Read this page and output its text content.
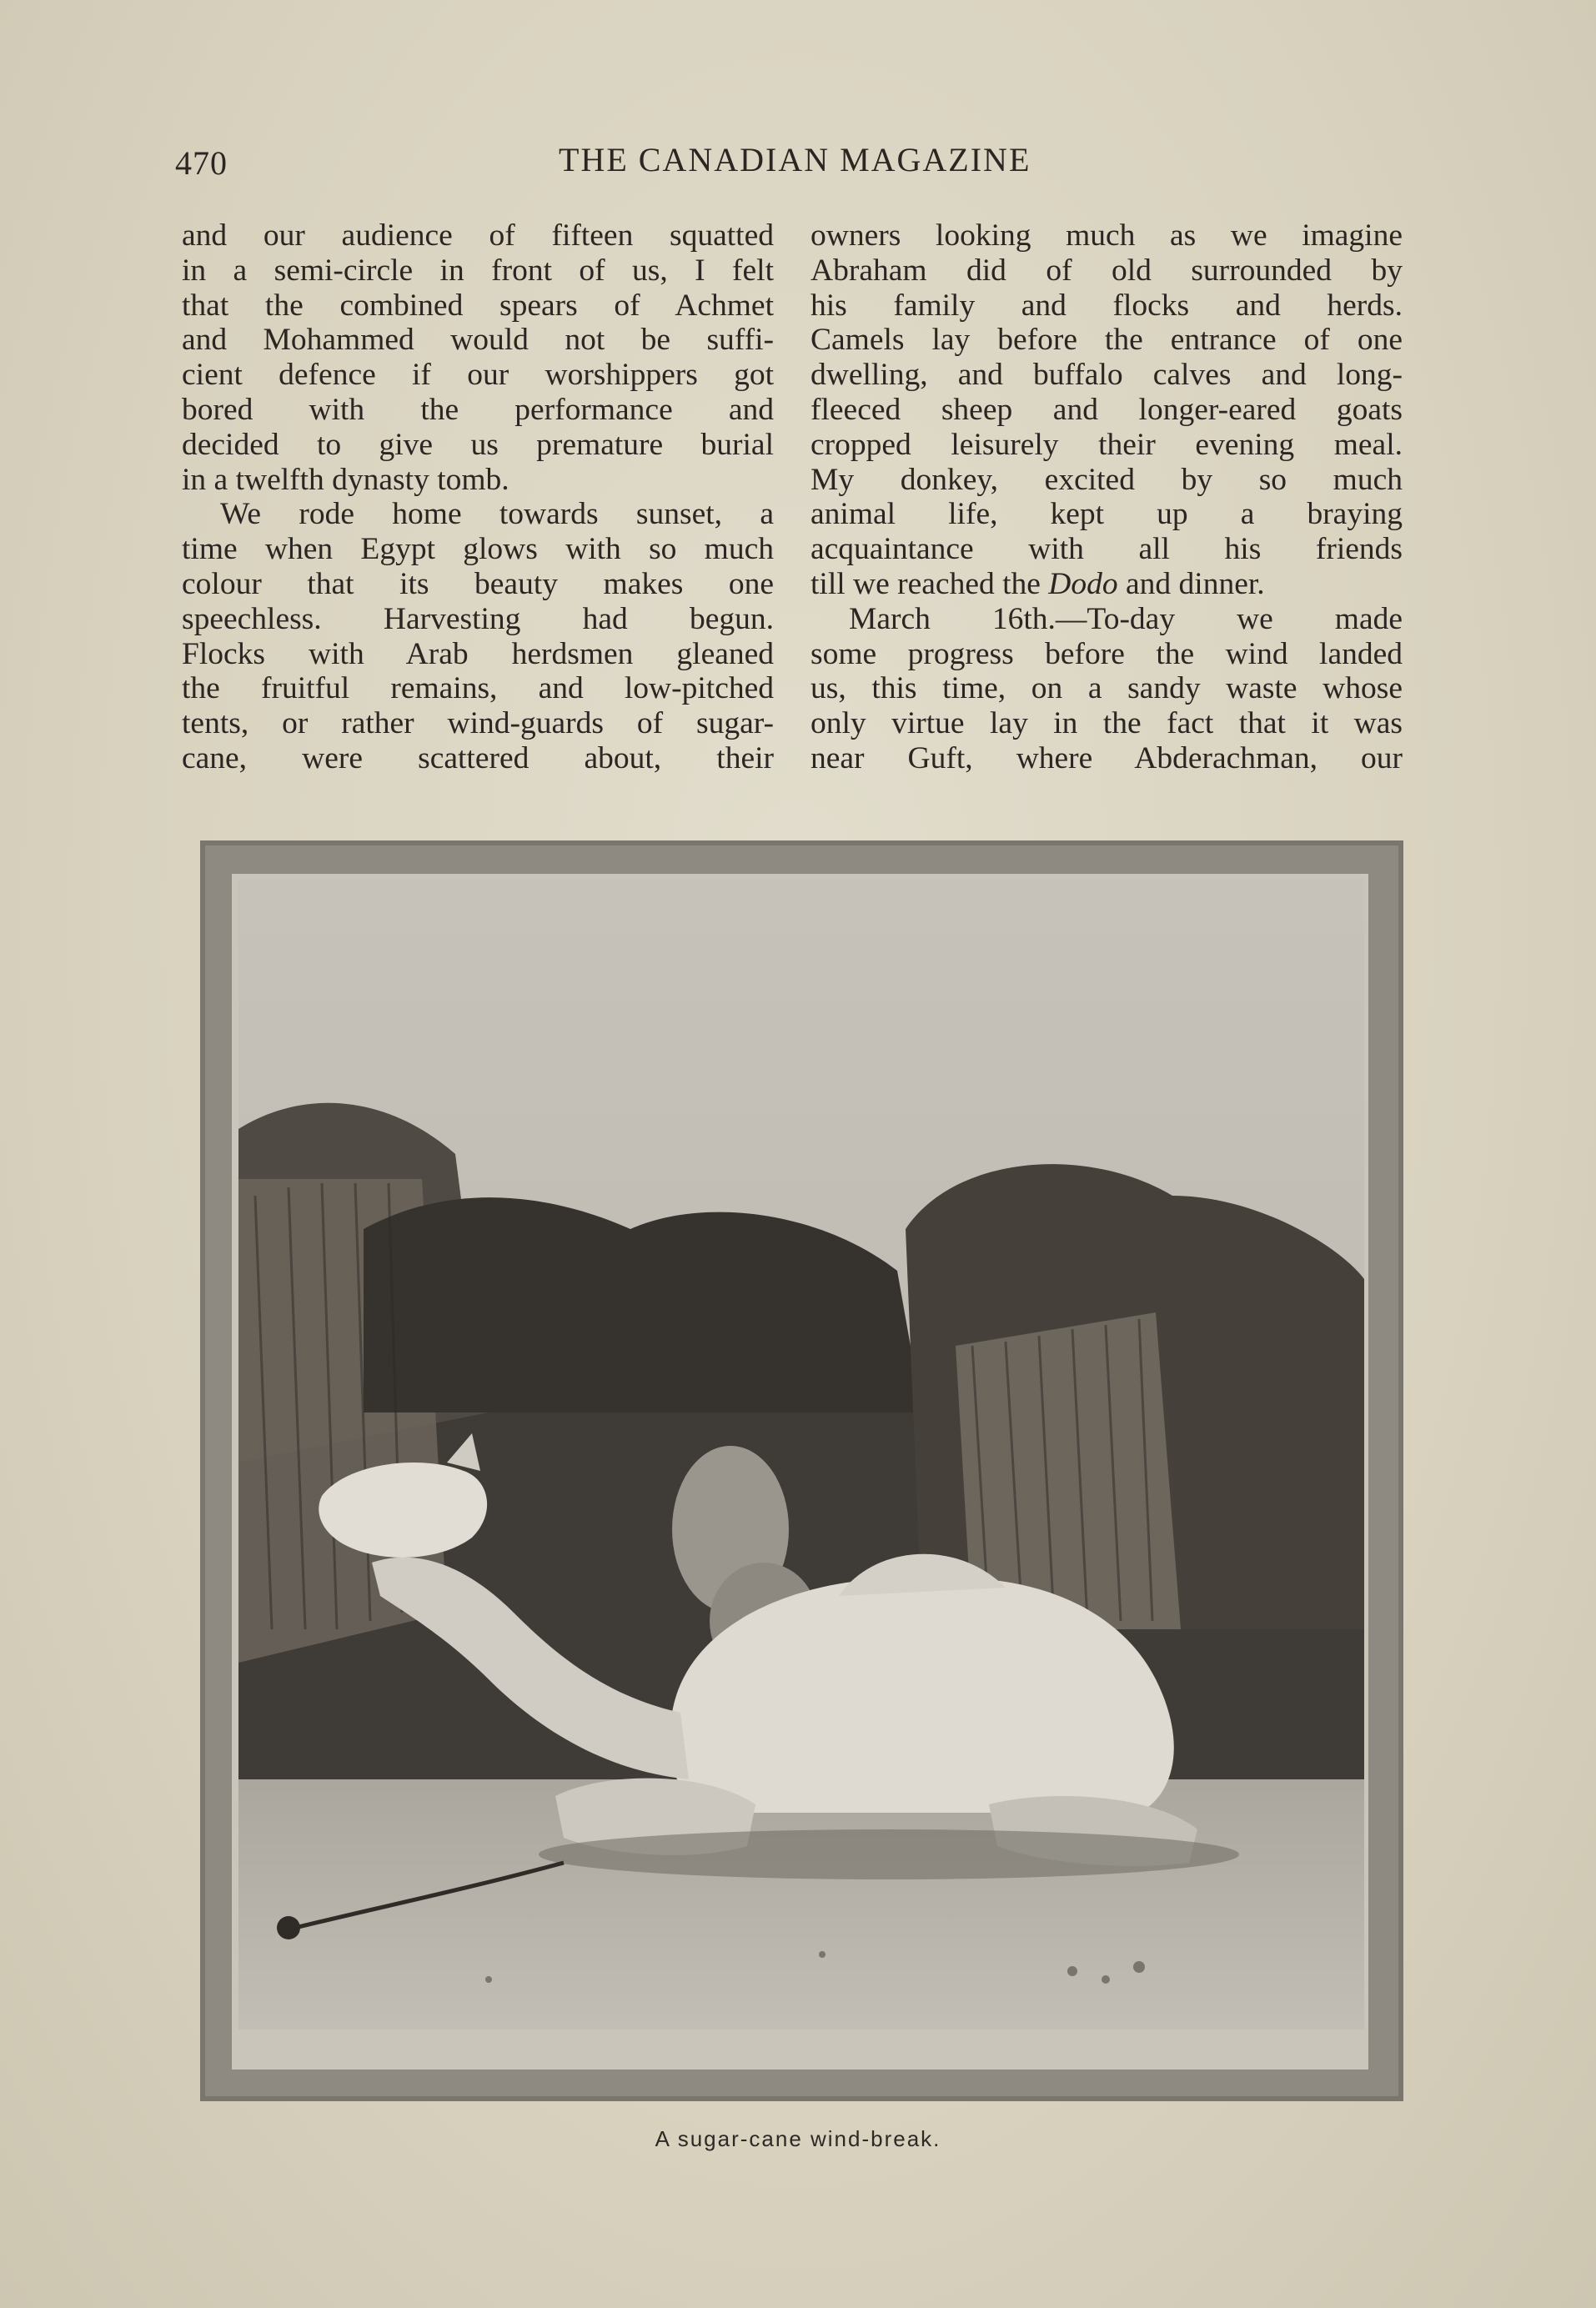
470	THE CANADIAN MAGAZINE
and our audience of fifteen squatted
in a semi-circle in front of us, I felt
that the combined spears of Achmet
and Mohammed would not be suffi-
cient defence if our worshippers got
bored with the performance and
decided to give us premature burial
in a twelfth dynasty tomb.
We rode home towards sunset, a
time when Egypt glows with so much
colour that its beauty makes one
speechless. Harvesting had begun.
Flocks with Arab herdsmen gleaned
the fruitful remains, and low-pitched
tents, or rather wind-guards of sugar-
cane, were scattered about, their
owners looking much as we imagine
Abraham did of old surrounded by
his family and flocks and herds.
Camels lay before the entrance of one
dwelling, and buffalo calves and long-
fleeced sheep and longer-eared goats
cropped leisurely their evening meal.
My donkey, excited by so much
animal life, kept up a braying
acquaintance with all his friends
till we reached the Dodo and dinner.
March 16th.—To-day we made
some progress before the wind landed
us, this time, on a sandy waste whose
only virtue lay in the fact that it was
near Guft, where Abderachman, our
A sugar-cane wind-break.
